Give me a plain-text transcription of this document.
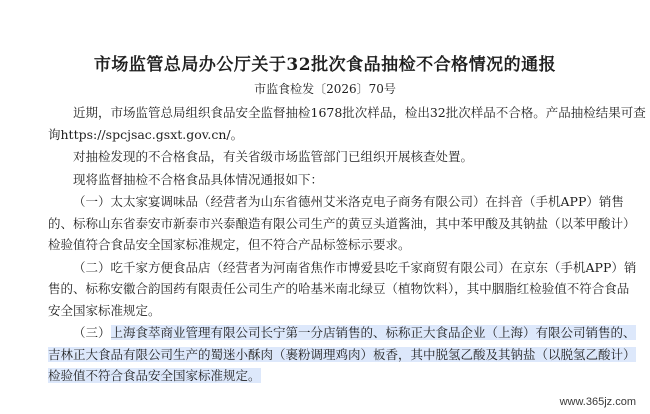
市场监管总局办公厅关于32批次食品抽检不合格情况的通报
市监食检发〔2026〕70号
近期，市场监管总局组织食品安全监督抽检1678批次样品，检出32批次样品不合格。产品抽检结果可查
询https://spcjsac.gsxt.gov.cn/。
对抽检发现的不合格食品，有关省级市场监管部门已组织开展核查处置。
现将监督抽检不合格食品具体情况通报如下：
（一）太太家宴调味品（经营者为山东省德州艾米洛克电子商务有限公司）在抖音（手机APP）销售
的、标称山东省泰安市新泰市兴泰酿造有限公司生产的黄豆头道酱油，其中苯甲酸及其钠盐（以苯甲酸计）
检验值符合食品安全国家标准规定，但不符合产品标签标示要求。
（二）吃千家方便食品店（经营者为河南省焦作市博爱县吃千家商贸有限公司）在京东（手机APP）销
售的、标称安徽合韵国药有限责任公司生产的哈基米南北绿豆（植物饮料），其中胭脂红检验值不符合食品
安全国家标准规定。
（三）上海食萃商业管理有限公司长宁第一分店销售的、标称正大食品企业（上海）有限公司销售的、
吉林正大食品有限公司生产的蜀迷小酥肉（裹粉调理鸡肉）板香，其中脱氢乙酸及其钠盐（以脱氢乙酸计）
检验值不符合食品安全国家标准规定。
www.365jz.com
